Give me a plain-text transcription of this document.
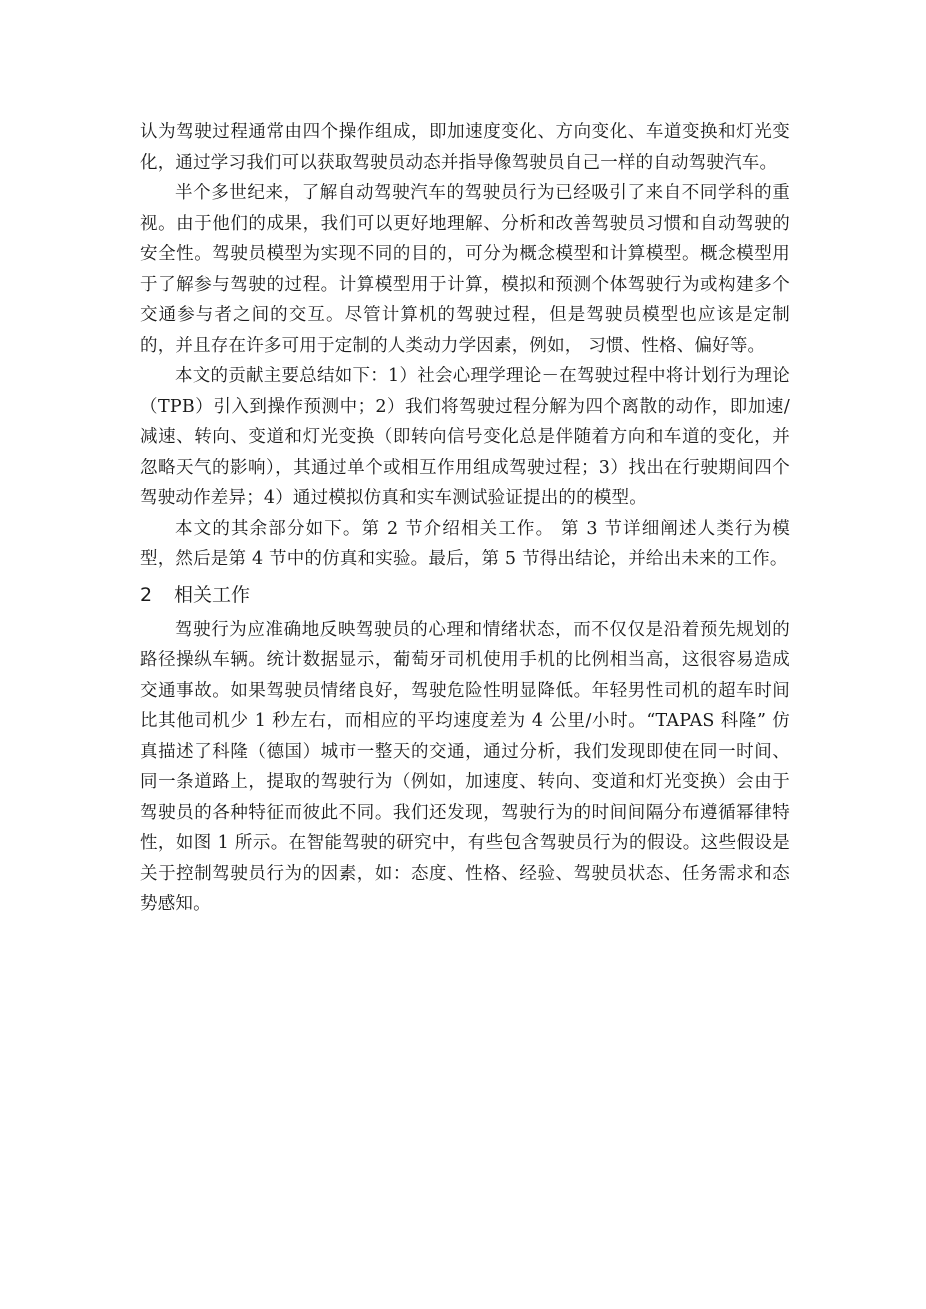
认为驾驶过程通常由四个操作组成，即加速度变化、方向变化、车道变换和灯光变化，通过学习我们可以获取驾驶员动态并指导像驾驶员自己一样的自动驾驶汽车。

半个多世纪来，了解自动驾驶汽车的驾驶员行为已经吸引了来自不同学科的重视。由于他们的成果，我们可以更好地理解、分析和改善驾驶员习惯和自动驾驶的安全性。驾驶员模型为实现不同的目的，可分为概念模型和计算模型。概念模型用于了解参与驾驶的过程。计算模型用于计算，模拟和预测个体驾驶行为或构建多个交通参与者之间的交互。尽管计算机的驾驶过程，但是驾驶员模型也应该是定制的，并且存在许多可用于定制的人类动力学因素，例如， 习惯、性格、偏好等。

本文的贡献主要总结如下：1）社会心理学理论－在驾驶过程中将计划行为理论（TPB）引入到操作预测中；2）我们将驾驶过程分解为四个离散的动作，即加速/减速、转向、变道和灯光变换（即转向信号变化总是伴随着方向和车道的变化，并忽略天气的影响），其通过单个或相互作用组成驾驶过程；3）找出在行驶期间四个驾驶动作差异；4）通过模拟仿真和实车测试验证提出的的模型。

本文的其余部分如下。第 2 节介绍相关工作。 第 3 节详细阐述人类行为模型，然后是第 4 节中的仿真和实验。最后，第 5 节得出结论，并给出未来的工作。

2 相关工作

驾驶行为应准确地反映驾驶员的心理和情绪状态，而不仅仅是沿着预先规划的路径操纵车辆。统计数据显示，葡萄牙司机使用手机的比例相当高，这很容易造成交通事故。如果驾驶员情绪良好，驾驶危险性明显降低。年轻男性司机的超车时间比其他司机少 1 秒左右，而相应的平均速度差为 4 公里/小时。“TAPAS 科隆” 仿真描述了科隆（德国）城市一整天的交通，通过分析，我们发现即使在同一时间、同一条道路上，提取的驾驶行为（例如，加速度、转向、变道和灯光变换）会由于驾驶员的各种特征而彼此不同。我们还发现，驾驶行为的时间间隔分布遵循幂律特性，如图 1 所示。在智能驾驶的研究中，有些包含驾驶员行为的假设。这些假设是关于控制驾驶员行为的因素，如：态度、性格、经验、驾驶员状态、任务需求和态势感知。
